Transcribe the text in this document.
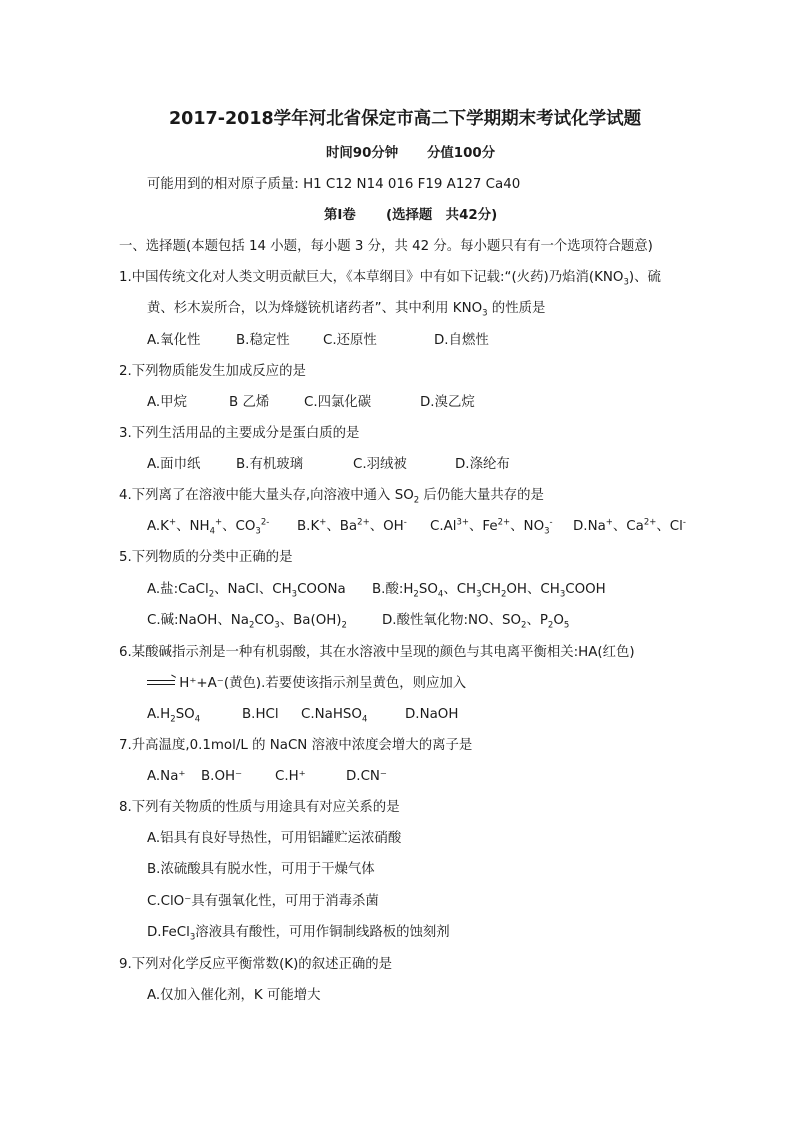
2017-2018学年河北省保定市高二下学期期末考试化学试题
时间90分钟 分值100分
可能用到的相对原子质量: H1 C12 N14 016 F19 A127 Ca40
第I卷 (选择题　共42分)
一、选择题(本题包括 14 小题，每小题 3 分，共 42 分。每小题只有有一个选项符合题意)
1.中国传统文化对人类文明贡献巨大，《本草纲目》中有如下记载:“(火药)乃焰消$(KNO_3)$、硫
黄、杉木炭所合，以为烽燧铳机诸药者”、其中利用 $KNO_3$ 的性质是
A.氧化性	B.稳定性 C.还原性	D.自燃性
2.下列物质能发生加成反应的是
A.甲烷	B 乙烯	C.四氯化碳	D.溴乙烷
3.下列生活用品的主要成分是蛋白质的是
A.面巾纸	B.有机玻璃	C.羽绒被	D.涤纶布
4.下列离了在溶液中能大量头存,向溶液中通入 $SO_2$ 后仍能大量共存的是
A.K+、$NH_4^+$、$CO_3^{2-}$ B.K+、$Ba^{2+}$、OH- $C.Al^{3+}$、$Fe^{2+}$、$NO_3^-$ D.Na+、$Ca^{2+}$、Cl-
5.下列物质的分类中正确的是
A.盐:CaCl$_2$、NaCl、$CH_3COONa$ B.酸$:H_2SO_4$、$CH_3CH_2OH$、$CH_3COOH$
C.碱:NaOH、$Na_2CO_3$、$Ba(OH)_2$	D.酸性氧化物:NO、$SO_2$、$P_2O_5$
6.某酸碱指示剂是一种有机弱酸，其在水溶液中呈现的颜色与其电离平衡相关:HA(红色)
→ H⁺+A⁻(黄色).若要使该指示剂呈黄色，则应加入
$A.H_2SO_4$	B.HCl C.NaHSO$_4$	D.NaOH
7.升高温度,0.1mol/L 的 NaCN 溶液中浓度会增大的离子是
A.Na⁺ B.OH⁻ C.H⁺	D.CN⁻
8.下列有关物质的性质与用途具有对应关系的是
A.铝具有良好导热性，可用铝罐贮运浓硝酸
B.浓硫酸具有脱水性，可用于干燥气体
C.ClO⁻具有强氧化性，可用于消毒杀菌
D.FeCl$_3$溶液具有酸性，可用作铜制线路板的蚀刻剂
9.下列对化学反应平衡常数(K)的叙述正确的是
A.仅加入催化剂，K 可能增大
